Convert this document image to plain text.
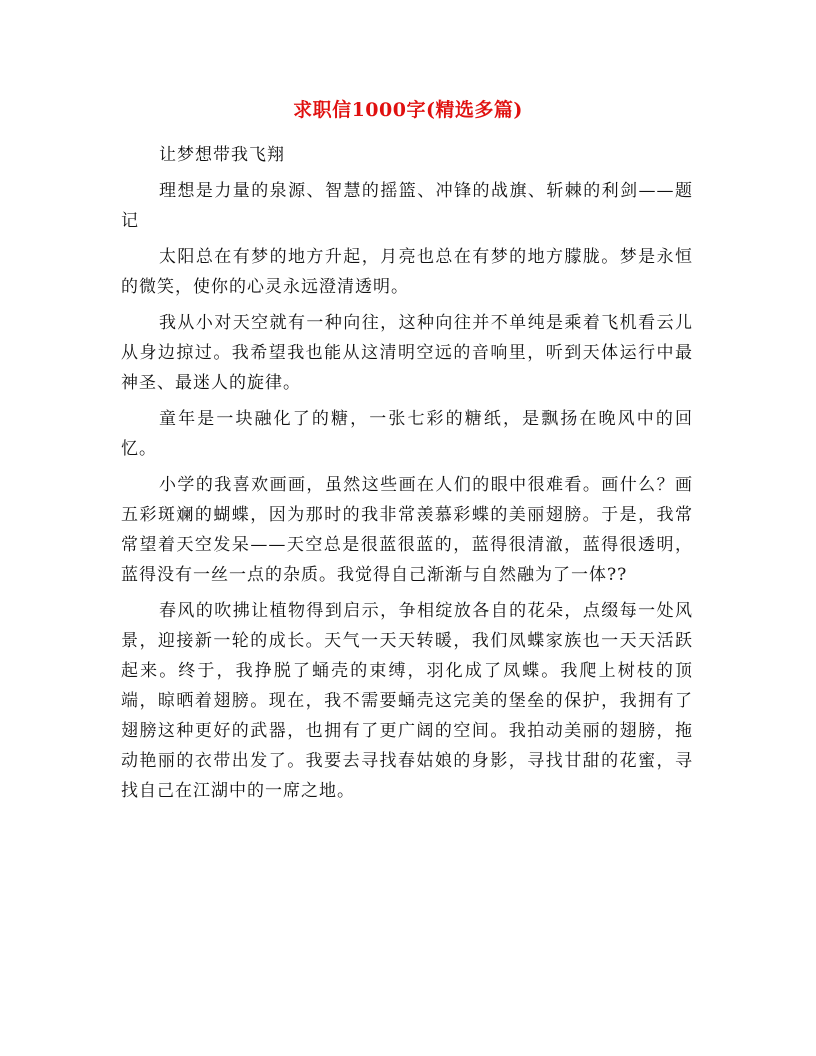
求职信1000字(精选多篇)

让梦想带我飞翔

理想是力量的泉源、智慧的摇篮、冲锋的战旗、斩棘的利剑——题记

太阳总在有梦的地方升起，月亮也总在有梦的地方朦胧。梦是永恒的微笑，使你的心灵永远澄清透明。

我从小对天空就有一种向往，这种向往并不单纯是乘着飞机看云儿从身边掠过。我希望我也能从这清明空远的音响里，听到天体运行中最神圣、最迷人的旋律。

童年是一块融化了的糖，一张七彩的糖纸，是飘扬在晚风中的回忆。

小学的我喜欢画画，虽然这些画在人们的眼中很难看。画什么？画五彩斑斓的蝴蝶，因为那时的我非常羡慕彩蝶的美丽翅膀。于是，我常常望着天空发呆——天空总是很蓝很蓝的，蓝得很清澈，蓝得很透明，蓝得没有一丝一点的杂质。我觉得自己渐渐与自然融为了一体??

春风的吹拂让植物得到启示，争相绽放各自的花朵，点缀每一处风景，迎接新一轮的成长。天气一天天转暖，我们凤蝶家族也一天天活跃起来。终于，我挣脱了蛹壳的束缚，羽化成了凤蝶。我爬上树枝的顶端，晾晒着翅膀。现在，我不需要蛹壳这完美的堡垒的保护，我拥有了翅膀这种更好的武器，也拥有了更广阔的空间。我拍动美丽的翅膀，拖动艳丽的衣带出发了。我要去寻找春姑娘的身影，寻找甘甜的花蜜，寻找自己在江湖中的一席之地。
